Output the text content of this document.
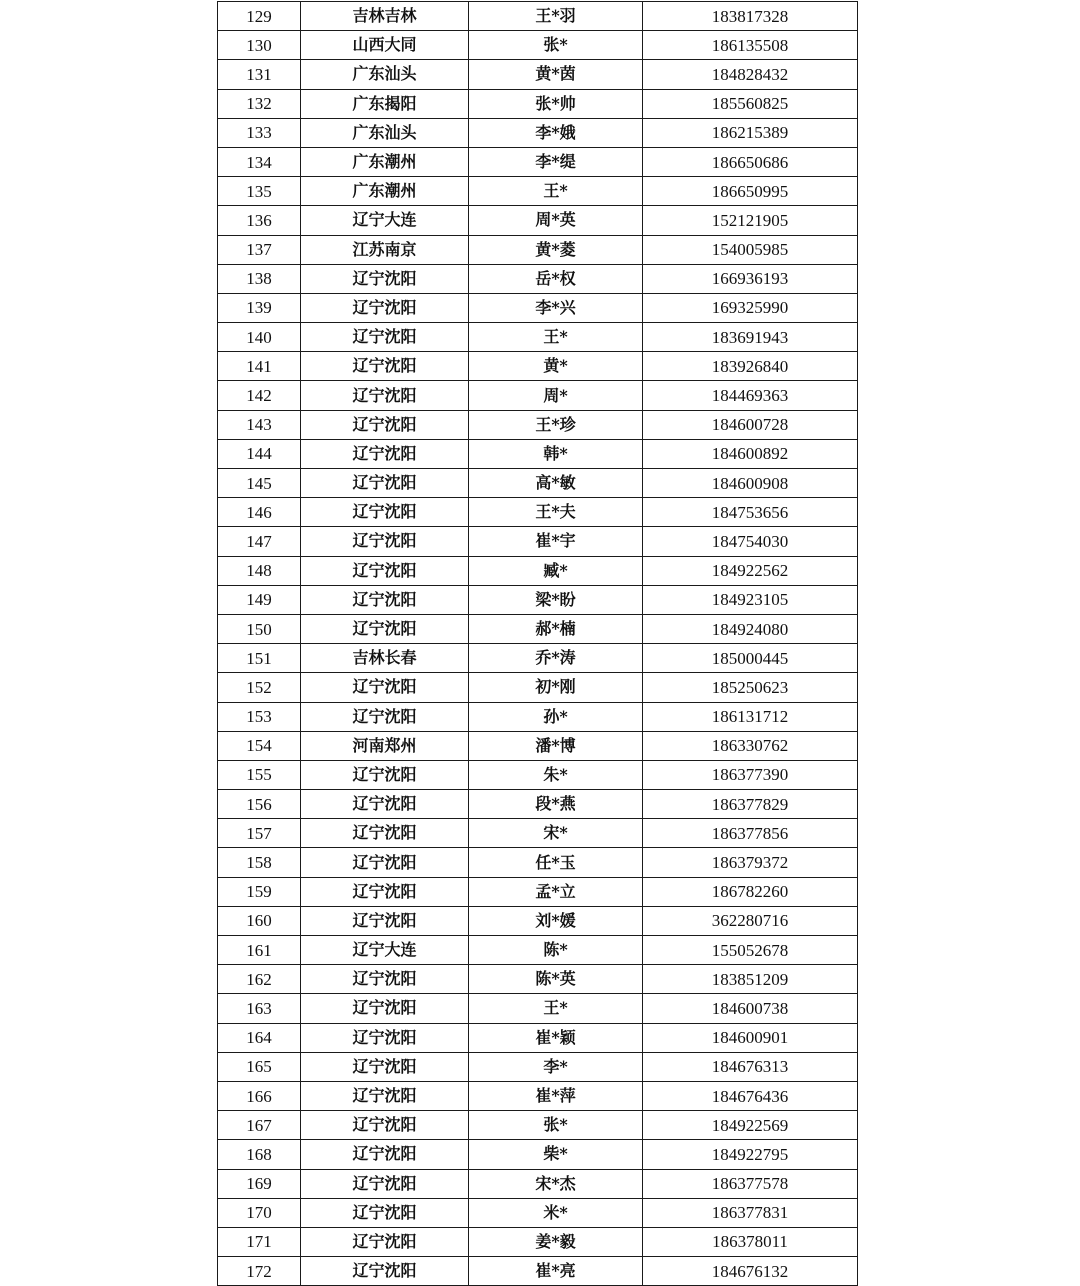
129	吉林吉林	王*羽	183817328
130	山西大同	张*	186135508
131	广东汕头	黄*茵	184828432
132	广东揭阳	张*帅	185560825
133	广东汕头	李*娥	186215389
134	广东潮州	李*缇	186650686
135	广东潮州	王*	186650995
136	辽宁大连	周*英	152121905
137	江苏南京	黄*菱	154005985
138	辽宁沈阳	岳*权	166936193
139	辽宁沈阳	李*兴	169325990
140	辽宁沈阳	王*	183691943
141	辽宁沈阳	黄*	183926840
142	辽宁沈阳	周*	184469363
143	辽宁沈阳	王*珍	184600728
144	辽宁沈阳	韩*	184600892
145	辽宁沈阳	高*敏	184600908
146	辽宁沈阳	王*夫	184753656
147	辽宁沈阳	崔*宇	184754030
148	辽宁沈阳	臧*	184922562
149	辽宁沈阳	梁*盼	184923105
150	辽宁沈阳	郝*楠	184924080
151	吉林长春	乔*涛	185000445
152	辽宁沈阳	初*刚	185250623
153	辽宁沈阳	孙*	186131712
154	河南郑州	潘*博	186330762
155	辽宁沈阳	朱*	186377390
156	辽宁沈阳	段*燕	186377829
157	辽宁沈阳	宋*	186377856
158	辽宁沈阳	任*玉	186379372
159	辽宁沈阳	孟*立	186782260
160	辽宁沈阳	刘*媛	362280716
161	辽宁大连	陈*	155052678
162	辽宁沈阳	陈*英	183851209
163	辽宁沈阳	王*	184600738
164	辽宁沈阳	崔*颖	184600901
165	辽宁沈阳	李*	184676313
166	辽宁沈阳	崔*萍	184676436
167	辽宁沈阳	张*	184922569
168	辽宁沈阳	柴*	184922795
169	辽宁沈阳	宋*杰	186377578
170	辽宁沈阳	米*	186377831
171	辽宁沈阳	姜*毅	186378011
172	辽宁沈阳	崔*亮	184676132
